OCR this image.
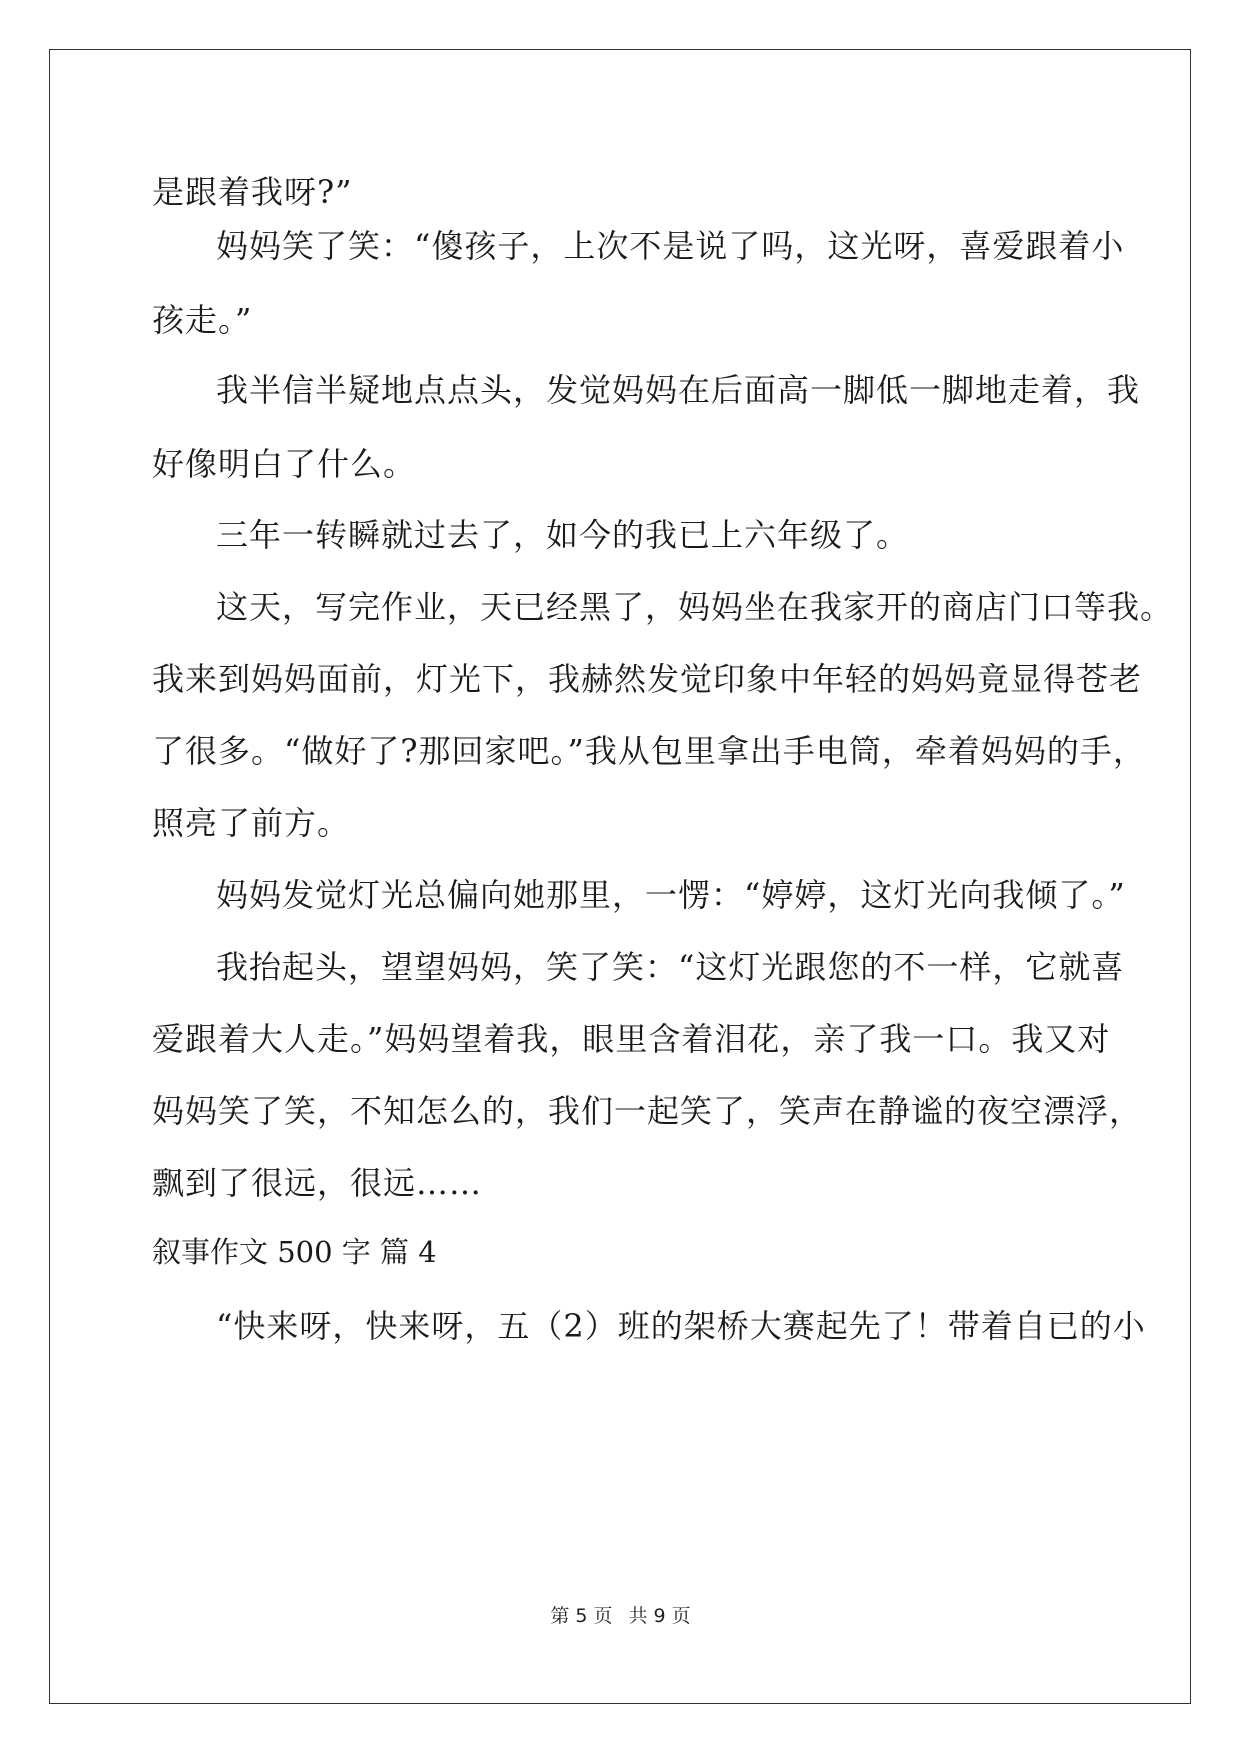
是跟着我呀?”
妈妈笑了笑：“傻孩子，上次不是说了吗，这光呀，喜爱跟着小
孩走。”
我半信半疑地点点头，发觉妈妈在后面高一脚低一脚地走着，我
好像明白了什么。
三年一转瞬就过去了，如今的我已上六年级了。
这天，写完作业，天已经黑了，妈妈坐在我家开的商店门口等我。
我来到妈妈面前，灯光下，我赫然发觉印象中年轻的妈妈竟显得苍老
了很多。“做好了?那回家吧。”我从包里拿出手电筒，牵着妈妈的手，
照亮了前方。
妈妈发觉灯光总偏向她那里，一愣：“婷婷，这灯光向我倾了。”
我抬起头，望望妈妈，笑了笑：“这灯光跟您的不一样，它就喜
爱跟着大人走。”妈妈望着我，眼里含着泪花，亲了我一口。我又对
妈妈笑了笑，不知怎么的，我们一起笑了，笑声在静谧的夜空漂浮，
飘到了很远，很远……
叙事作文 500 字 篇 4
“快来呀，快来呀，五（2）班的架桥大赛起先了！带着自已的小
第 5 页 共 9 页
